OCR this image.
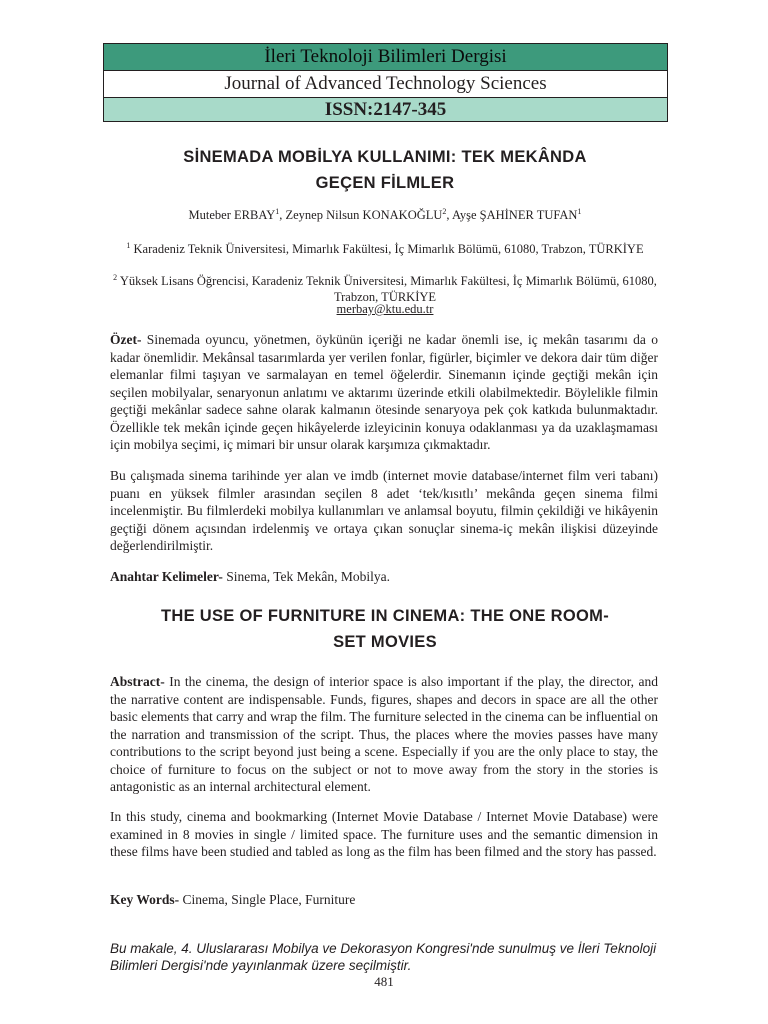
İleri Teknoloji Bilimleri Dergisi
Journal of Advanced Technology Sciences
ISSN:2147-345
SİNEMADA MOBİLYA KULLANIMI: TEK MEKÂNDA
GEÇEN FİLMLER
Muteber ERBAY$^1$, Zeynep Nilsun KONAKOĞLU$^2$, Ayşe ŞAHİNER TUFAN$^1$
$^1$ Karadeniz Teknik Üniversitesi, Mimarlık Fakültesi, İç Mimarlık Bölümü, 61080, Trabzon, TÜRKİYE
$^2$ Yüksek Lisans Öğrencisi, Karadeniz Teknik Üniversitesi, Mimarlık Fakültesi, İç Mimarlık Bölümü, 61080, Trabzon, TÜRKİYE
merbay@ktu.edu.tr
Özet- Sinemada oyuncu, yönetmen, öykünün içeriği ne kadar önemli ise, iç mekân tasarımı da o kadar önemlidir. Mekânsal tasarımlarda yer verilen fonlar, figürler, biçimler ve dekora dair tüm diğer elemanlar filmi taşıyan ve sarmalayan en temel öğelerdir. Sinemanın içinde geçtiği mekân için seçilen mobilyalar, senaryonun anlatımı ve aktarımı üzerinde etkili olabilmektedir. Böylelikle filmin geçtiği mekânlar sadece sahne olarak kalmanın ötesinde senaryoya pek çok katkıda bulunmaktadır. Özellikle tek mekân içinde geçen hikâyelerde izleyicinin konuya odaklanması ya da uzaklaşmaması için mobilya seçimi, iç mimari bir unsur olarak karşımıza çıkmaktadır.
Bu çalışmada sinema tarihinde yer alan ve imdb (internet movie database/internet film veri tabanı) puanı en yüksek filmler arasından seçilen 8 adet ‘tek/kısıtlı’ mekânda geçen sinema filmi incelenmiştir. Bu filmlerdeki mobilya kullanımları ve anlamsal boyutu, filmin çekildiği ve hikâyenin geçtiği dönem açısından irdelenmiş ve ortaya çıkan sonuçlar sinema-iç mekân ilişkisi düzeyinde değerlendirilmiştir.
Anahtar Kelimeler- Sinema, Tek Mekân, Mobilya.
THE USE OF FURNITURE IN CINEMA: THE ONE ROOM-
SET MOVIES
Abstract- In the cinema, the design of interior space is also important if the play, the director, and the narrative content are indispensable. Funds, figures, shapes and decors in space are all the other basic elements that carry and wrap the film. The furniture selected in the cinema can be influential on the narration and transmission of the script. Thus, the places where the movies passes have many contributions to the script beyond just being a scene. Especially if you are the only place to stay, the choice of furniture to focus on the subject or not to move away from the story in the stories is antagonistic as an internal architectural element.
In this study, cinema and bookmarking (Internet Movie Database / Internet Movie Database) were examined in 8 movies in single / limited space. The furniture uses and the semantic dimension in these films have been studied and tabled as long as the film has been filmed and the story has passed.
Key Words- Cinema, Single Place, Furniture
Bu makale, 4. Uluslararası Mobilya ve Dekorasyon Kongresi'nde sunulmuş ve İleri Teknoloji Bilimleri Dergisi'nde yayınlanmak üzere seçilmiştir.
481
